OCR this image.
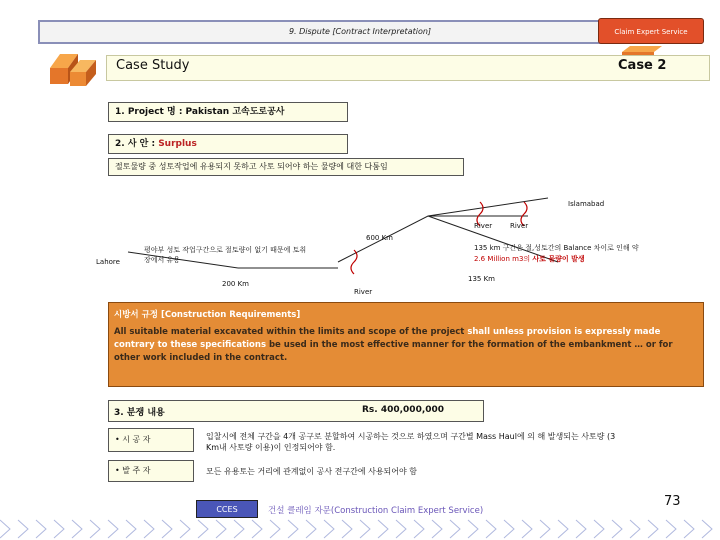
9. Dispute [Contract Interpretation]	Claim Expert Service
Case Study	Case 2
1. Project 명 : Pakistan 고속도로공사
2. 사 안 : Surplus
절토물량 중 성토작업에 유용되지 못하고 사토 되어야 하는 물량에 대한 다툼임
Islamabad
River	River
600 Km
Lahore
평야부 성토 작업구간으로 절토량이 없기 때문에 토취
장에서 유용
200 Km
River
135 km 구간은 절,성토간의 Balance 차이로 인해 약
2.6 Million m3의 사토 물량이 발생
135 Km
시방서 규정 [Construction Requirements]
All suitable material excavated within the limits and scope of the project shall unless provision is expressly made contrary to these specifications be used in the most effective manner for the formation of the embankment … or for other work included in the contract.
3. 분쟁 내용	Rs. 400,000,000
• 시 공 자	입찰시에 전체 구간을 4개 공구로 분할하여 시공하는 것으로 하였으며 구간별 Mass Haul에 의 해 발생되는 사토량 (3 Km내 사토량 이용)이 인정되어야 함.
• 발 주 자	모든 유용토는 거리에 관계없이 공사 전구간에 사용되어야 함
CCES	건설 클레임 자문(Construction Claim Expert Service)
73
